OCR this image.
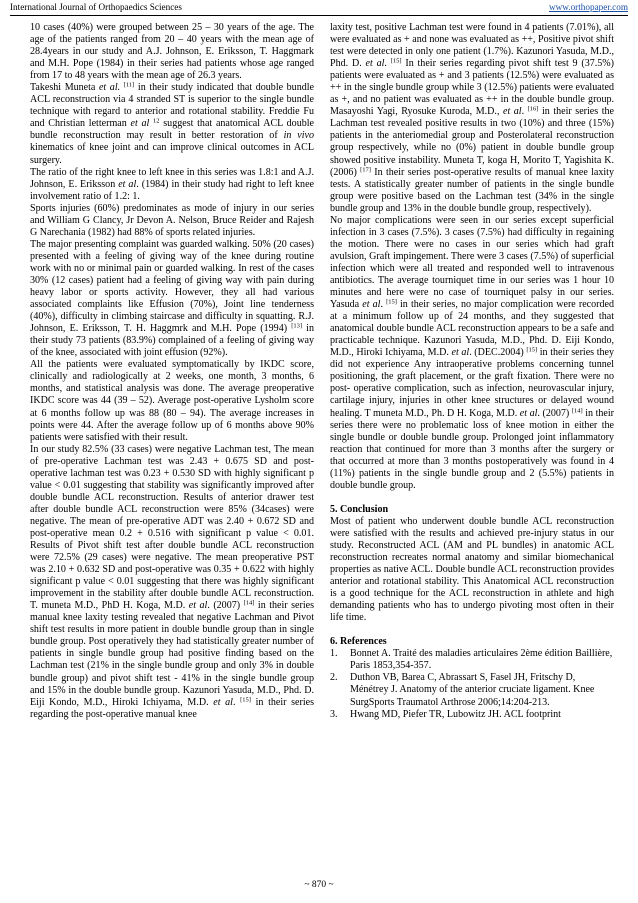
International Journal of Orthopaedics Sciences	www.orthopaper.com

10 cases (40%) were grouped between 25 – 30 years of the age. The age of the patients ranged from 20 – 40 years with the mean age of 28.4years in our study and A.J. Johnson, E. Eriksson, T. Haggmark and M.H. Pope (1984) in their series had patients whose age ranged from 17 to 48 years with the mean age of 26.3 years.

Takeshi Muneta et al. [11] in their study indicated that double bundle ACL reconstruction via 4 stranded ST is superior to the single bundle technique with regard to anterior and rotational stability. Freddie Fu and Christian letterman et al $^{12}$ suggest that anatomical ACL double bundle reconstruction may result in better restoration of in vivo kinematics of knee joint and can improve clinical outcomes in ACL surgery.

The ratio of the right knee to left knee in this series was 1.8:1 and A.J. Johnson, E. Eriksson et al. (1984) in their study had right to left knee involvement ratio of 1.2: 1.

Sports injuries (60%) predominates as mode of injury in our series and William G Clancy, Jr Devon A. Nelson, Bruce Reider and Rajesh G Narechania (1982) had 88% of sports related injuries.

The major presenting complaint was guarded walking. 50% (20 cases) presented with a feeling of giving way of the knee during routine work with no or minimal pain or guarded walking. In rest of the cases 30% (12 cases) patient had a feeling of giving way with pain during heavy labor or sports activity. However, they all had various associated complaints like Effusion (70%), Joint line tenderness (40%), difficulty in climbing staircase and difficulty in squatting. R.J. Johnson, E. Eriksson, T. H. Haggmrk and M.H. Pope (1994) [13] in their study 73 patients (83.9%) complained of a feeling of giving way of the knee, associated with joint effusion (92%).

All the patients were evaluated symptomatically by IKDC score, clinically and radiologically at 2 weeks, one month, 3 months, 6 months, and statistical analysis was done. The average preoperative IKDC score was 44 (39 – 52). Average post-operative Lysholm score at 6 months follow up was 88 (80 – 94). The average increases in points were 44. After the average follow up of 6 months above 90% patients were satisfied with their result.

In our study 82.5% (33 cases) were negative Lachman test, The mean of pre-operative Lachman test was 2.43 + 0.675 SD and post-operative lachman test was 0.23 + 0.530 SD with highly significant p value < 0.01 suggesting that stability was significantly improved after double bundle ACL reconstruction. Results of anterior drawer test after double bundle ACL reconstruction were 85% (34cases) were negative. The mean of pre-operative ADT was 2.40 + 0.672 SD and post-operative mean 0.2 + 0.516 with significant p value < 0.01. Results of Pivot shift test after double bundle ACL reconstruction were 72.5% (29 cases) were negative. The mean preoperative PST was 2.10 + 0.632 SD and post-operative was 0.35 + 0.622 with highly significant p value < 0.01 suggesting that there was highly significant improvement in the stability after double bundle ACL reconstruction. T. muneta M.D., PhD H. Koga, M.D. et al. (2007) [14] in their series manual knee laxity testing revealed that negative Lachman and Pivot shift test results in more patient in double bundle group than in single bundle group. Post operatively they had statistically greater number of patients in single bundle group had positive finding based on the Lachman test (21% in the single bundle group and only 3% in double bundle group) and pivot shift test - 41% in the single bundle group and 15% in the double bundle group. Kazunori Yasuda, M.D., Phd. D. Eiji Kondo, M.D., Hiroki Ichiyama, M.D. et al. [15] in their series regarding the post-operative manual knee

laxity test, positive Lachman test were found in 4 patients (7.01%), all were evaluated as + and none was evaluated as ++, Positive pivot shift test were detected in only one patient (1.7%). Kazunori Yasuda, M.D., Phd. D. et al. [15] In their series regarding pivot shift test 9 (37.5%) patients were evaluated as + and 3 patients (12.5%) were evaluated as ++ in the single bundle group while 3 (12.5%) patients were evaluated as +, and no patient was evaluated as ++ in the double bundle group. Masayoshi Yagi, Ryosuke Kuroda, M.D., et al. [16] in their series the Lachman test revealed positive results in two (10%) and three (15%) patients in the anteriomedial group and Posterolateral reconstruction group respectively, while no (0%) patient in double bundle group showed positive instability. Muneta T, koga H, Morito T, Yagishita K. (2006) [17] In their series post-operative results of manual knee laxity tests. A statistically greater number of patients in the single bundle group were positive based on the Lachman test (34% in the single bundle group and 13% in the double bundle group, respectively).

No major complications were seen in our series except superficial infection in 3 cases (7.5%). 3 cases (7.5%) had difficulty in regaining the motion. There were no cases in our series which had graft avulsion, Graft impingement. There were 3 cases (7.5%) of superficial infection which were all treated and responded well to intravenous antibiotics. The average tourniquet time in our series was 1 hour 10 minutes and here were no case of tourniquet palsy in our series. Yasuda et al. [15] in their series, no major complication were recorded at a minimum follow up of 24 months, and they suggested that anatomical double bundle ACL reconstruction appears to be a safe and practicable technique. Kazunori Yasuda, M.D., Phd. D. Eiji Kondo, M.D., Hiroki Ichiyama, M.D. et al. (DEC.2004) [15] in their series they did not experience Any intraoperative problems concerning tunnel positioning, the graft placement, or the graft fixation. There were no post- operative complication, such as infection, neurovascular injury, cartilage injury, injuries in other knee structures or delayed wound healing. T muneta M.D., Ph. D H. Koga, M.D. et al. (2007) [14] in their series there were no problematic loss of knee motion in either the single bundle or double bundle group. Prolonged joint inflammatory reaction that continued for more than 3 months after the surgery or that occurred at more than 3 months postoperatively was found in 4 (11%) patients in the single bundle group and 2 (5.5%) patients in double bundle group.

5. Conclusion

Most of patient who underwent double bundle ACL reconstruction were satisfied with the results and achieved pre-injury status in our study. Reconstructed ACL (AM and PL bundles) in anatomic ACL reconstruction recreates normal anatomy and similar biomechanical properties as native ACL. Double bundle ACL reconstruction provides anterior and rotational stability. This Anatomical ACL reconstruction is a good technique for the ACL reconstruction in athlete and high demanding patients who has to undergo pivoting most often in their life time.

6. References
1.	Bonnet A. Traité des maladies articulaires 2ème édition Baillière, Paris 1853,354-357.
2.	Duthon VB, Barea C, Abrassart S, Fasel JH, Fritschy D, Ménétrey J. Anatomy of the anterior cruciate ligament. Knee SurgSports Traumatol Arthrose 2006;14:204-213.
3.	Hwang MD, Piefer TR, Lubowitz JH. ACL footprint
~ 870 ~
